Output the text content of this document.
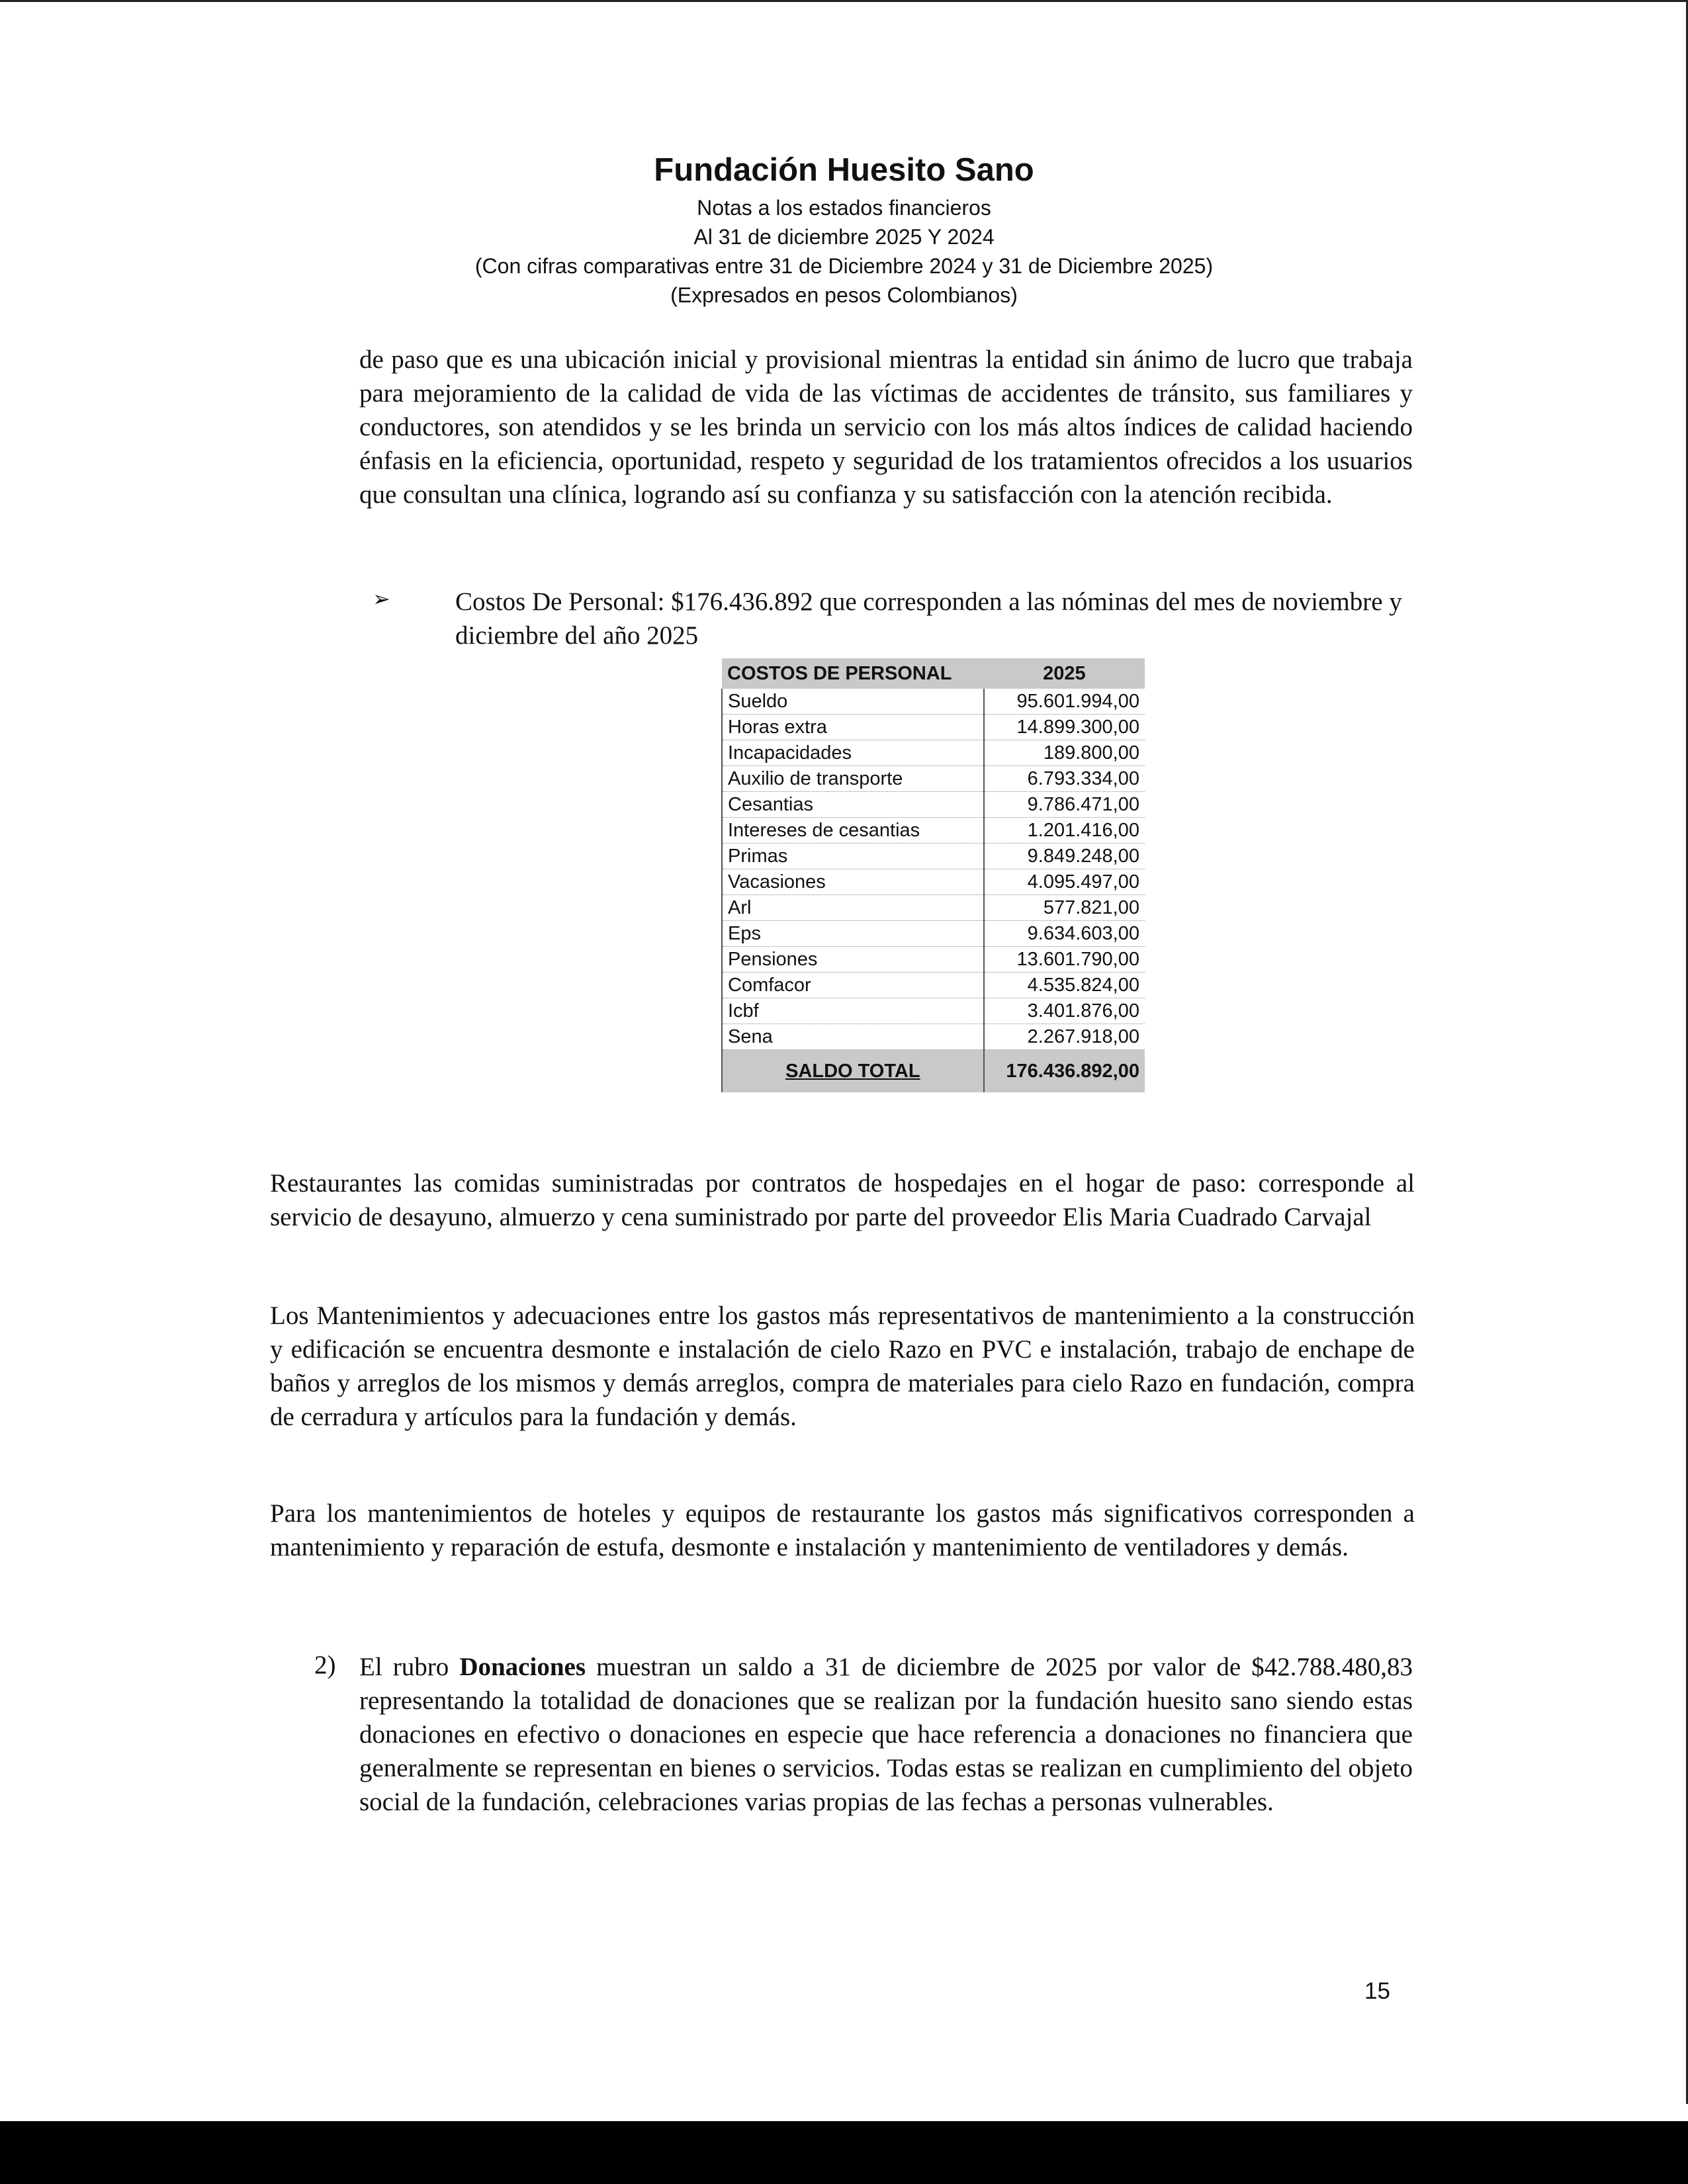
Fundación Huesito Sano
Notas a los estados financieros
Al 31 de diciembre 2025 Y 2024
(Con cifras comparativas entre 31 de Diciembre 2024 y 31 de Diciembre 2025)
(Expresados en pesos Colombianos)

de paso que es una ubicación inicial y provisional mientras la entidad sin ánimo de lucro que trabaja para mejoramiento de la calidad de vida de las víctimas de accidentes de tránsito, sus familiares y conductores, son atendidos y se les brinda un servicio con los más altos índices de calidad haciendo énfasis en la eficiencia, oportunidad, respeto y seguridad de los tratamientos ofrecidos a los usuarios que consultan una clínica, logrando así su confianza y su satisfacción con la atención recibida.

➢	Costos De Personal: $176.436.892 que corresponden a las nóminas del mes de noviembre y diciembre del año 2025

COSTOS DE PERSONAL	2025
Sueldo	95.601.994,00
Horas extra	14.899.300,00
Incapacidades	189.800,00
Auxilio de transporte	6.793.334,00
Cesantias	9.786.471,00
Intereses de cesantias	1.201.416,00
Primas	9.849.248,00
Vacasiones	4.095.497,00
Arl	577.821,00
Eps	9.634.603,00
Pensiones	13.601.790,00
Comfacor	4.535.824,00
Icbf	3.401.876,00
Sena	2.267.918,00
SALDO TOTAL	176.436.892,00

Restaurantes las comidas suministradas por contratos de hospedajes en el hogar de paso: corresponde al servicio de desayuno, almuerzo y cena suministrado por parte del proveedor Elis Maria Cuadrado Carvajal

Los Mantenimientos y adecuaciones entre los gastos más representativos de mantenimiento a la construcción y edificación se encuentra desmonte e instalación de cielo Razo en PVC e instalación, trabajo de enchape de baños y arreglos de los mismos y demás arreglos, compra de materiales para cielo Razo en fundación, compra de cerradura y artículos para la fundación y demás.

Para los mantenimientos de hoteles y equipos de restaurante los gastos más significativos corresponden a mantenimiento y reparación de estufa, desmonte e instalación y mantenimiento de ventiladores y demás.

2) El rubro Donaciones muestran un saldo a 31 de diciembre de 2025 por valor de $42.788.480,83 representando la totalidad de donaciones que se realizan por la fundación huesito sano siendo estas donaciones en efectivo o donaciones en especie que hace referencia a donaciones no financiera que generalmente se representan en bienes o servicios. Todas estas se realizan en cumplimiento del objeto social de la fundación, celebraciones varias propias de las fechas a personas vulnerables.

15
